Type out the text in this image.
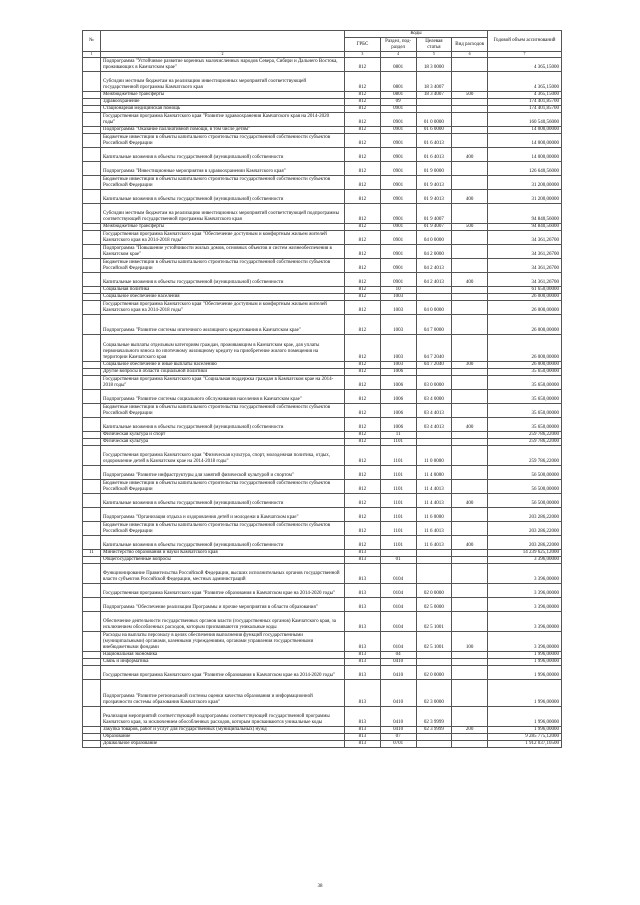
№		Коды				Годовой объем ассигнований
		ГРБС	Раздел, под-раздел	Целевая статья	Вид расходов	
1	2	3	4	5	6	7
	Подпрограмма "Устойчивое развитие коренных малочисленных народов Севера, Сибири и Дальнего Востока, проживающих в Камчатском крае"	812	0801	18 3 0000		4 365,15000
	Субсидии местным бюджетам на реализацию инвестиционных мероприятий соответствующей государственной программы Камчатского края	812	0801	18 3 4007		4 365,15000
	Межбюджетные трансферты	812	0801	18 3 4007	500	4 365,15000
	Здравоохранение	812	09			174 401,85700
	Стационарная медицинская помощь	812	0901			174 401,85700
	Государственная программа Камчатского края "Развитие здравоохранения Камчатского края на 2014-2020 годы"	812	0901	01 0 0000		160 540,56000
	Подпрограмма "Оказание паллиативной помощи, в том числе детям"	812	0901	01 6 0000		14 000,00000
	Бюджетные инвестиции в объекты капитального строительства государственной собственности субъектов Российской Федерации	812	0901	01 6 4013		14 000,00000
	Капитальные вложения в объекты государственной (муниципальной) собственности	812	0901	01 6 4013	400	14 000,00000
	Подпрограмма "Инвестиционные мероприятия в здравоохранении Камчатского края"	812	0901	01 9 0000		126 640,56000
	Бюджетные инвестиции в объекты капитального строительства государственной собственности субъектов Российской Федерации	812	0901	01 9 4013		31 200,00000
	Капитальные вложения в объекты государственной (муниципальной) собственности	812	0901	01 9 4013	400	31 200,00000
	Субсидии местным бюджетам на реализацию инвестиционных мероприятий соответствующей подпрограммы соответствующей государственной программы Камчатского края	812	0901	01 9 4007		94 840,56000
	Межбюджетные трансферты	812	0901	01 9 4007	500	94 840,56000
	Государственная программа Камчатского края "Обеспечение доступным и комфортным жильем жителей Камчатского края на 2014-2018 годы"	812	0901	04 0 0000		34 361,26700
	Подпрограмма "Повышение устойчивости жилых домов, основных объектов и систем жизнеобеспечения в Камчатском крае"	812	0901	04 2 0000		34 361,26700
	Бюджетные инвестиции в объекты капитального строительства государственной собственности субъектов Российской Федерации	812	0901	04 2 4013		34 361,26700
	Капитальные вложения в объекты государственной (муниципальной) собственности	812	0901	04 2 4013	400	34 361,26700
	Социальная политика	812	10			61 650,00000
	Социальное обеспечение населения	812	1003			26 000,00000
	Государственная программа Камчатского края "Обеспечение доступным и комфортным жильем жителей Камчатского края на 2014-2018 годы"	812	1003	04 0 0000		26 000,00000
	Подпрограмма "Развитие системы ипотечного жилищного кредитования в Камчатском крае"	812	1003	04 7 0000		26 000,00000
	Социальные выплаты отдельным категориям граждан, проживающим в Камчатском крае, для уплаты первоначального взноса по ипотечному жилищному кредиту на приобретение жилого помещения на территории Камчатского края	812	1003	04 7 2040		26 000,00000
	Социальное обеспечение и иные выплаты населению	812	1003	04 7 2040	300	26 000,00000
	Другие вопросы в области социальной политики	812	1006			35 650,00000
	Государственная программа Камчатского края "Социальная поддержка граждан в Камчатском крае на 2014-2018 годы"	812	1006	03 0 0000		35 650,00000
	Подпрограмма "Развитие системы социального обслуживания населения в Камчатском крае"	812	1006	03 4 0000		35 650,00000
	Бюджетные инвестиции в объекты капитального строительства государственной собственности субъектов Российской Федерации	812	1006	03 4 4013		35 650,00000
	Капитальные вложения в объекты государственной (муниципальной) собственности	812	1006	03 4 4013	400	35 650,00000
	Физическая культура и спорт	812	11			259 786,22000
	Физическая культура	812	1101			259 786,22000
	Государственная программа Камчатского края "Физическая культура, спорт, молодежная политика, отдых, оздоровление детей в Камчатском крае на 2014-2018 годы"	812	1101	11 0 0000		259 786,22000
	Подпрограмма "Развитие инфраструктуры для занятий физической культурой и спортом"	812	1101	11 4 0000		56 500,00000
	Бюджетные инвестиции в объекты капитального строительства государственной собственности субъектов Российской Федерации	812	1101	11 4 4013		56 500,00000
	Капитальные вложения в объекты государственной (муниципальной) собственности	812	1101	11 4 4013	400	56 500,00000
	Подпрограмма "Организация отдыха и оздоровления детей и молодежи в Камчатском крае"	812	1101	11 6 0000		203 286,22000
	Бюджетные инвестиции в объекты капитального строительства государственной собственности субъектов Российской Федерации	812	1101	11 6 4013		203 286,22000
	Капитальные вложения в объекты государственной (муниципальной) собственности	812	1101	11 6 4013	400	203 286,22000
11	Министерство образования и науки Камчатского края	813				14 239 625,12000
	Общегосударственные вопросы	813	01			3 396,00000
	Функционирование Правительства Российской Федерации, высших исполнительных органов государственной власти субъектов Российской Федерации, местных администраций	813	0104			3 396,00000
	Государственная программа Камчатского края "Развитие образования в Камчатском крае на 2014-2020 годы"	813	0104	02 0 0000		3 396,00000
	Подпрограмма "Обеспечение реализации Программы и прочие мероприятия в области образования"	813	0104	02 5 0000		3 396,00000
	Обеспечение деятельности государственных органов власти (государственных органов) Камчатского края, за исключением обособленных расходов, которым присваиваются уникальные коды	813	0104	02 5 1001		3 396,00000
	Расходы на выплаты персоналу в целях обеспечения выполнения функций государственными (муниципальными) органами, казенными учреждениями, органами управления государственными внебюджетными фондами	813	0104	02 5 1001	100	3 396,00000
	Национальная экономика	813	04			1 996,00000
	Связь и информатика	813	0410			1 996,00000
	Государственная программа Камчатского края "Развитие образования в Камчатском крае на 2014-2020 годы"	813	0410	02 0 0000		1 996,00000
	Подпрограмма "Развитие региональной системы оценки качества образования и информационной прозрачности системы образования Камчатского края"	813	0410	02 3 0000		1 996,00000
	Реализация мероприятий соответствующей подпрограммы соответствующей государственной программы Камчатского края, за исключением обособленных расходов, которым присваиваются уникальные коды	813	0410	02 3 9999		1 996,00000
	Закупка товаров, работ и услуг для государственных (муниципальных) нужд	813	0410	02 3 9999	200	1 996,00000
	Образование	813	07			9 285 775,12000
	Дошкольное образование	813	0701			1 912 037,10500
38
